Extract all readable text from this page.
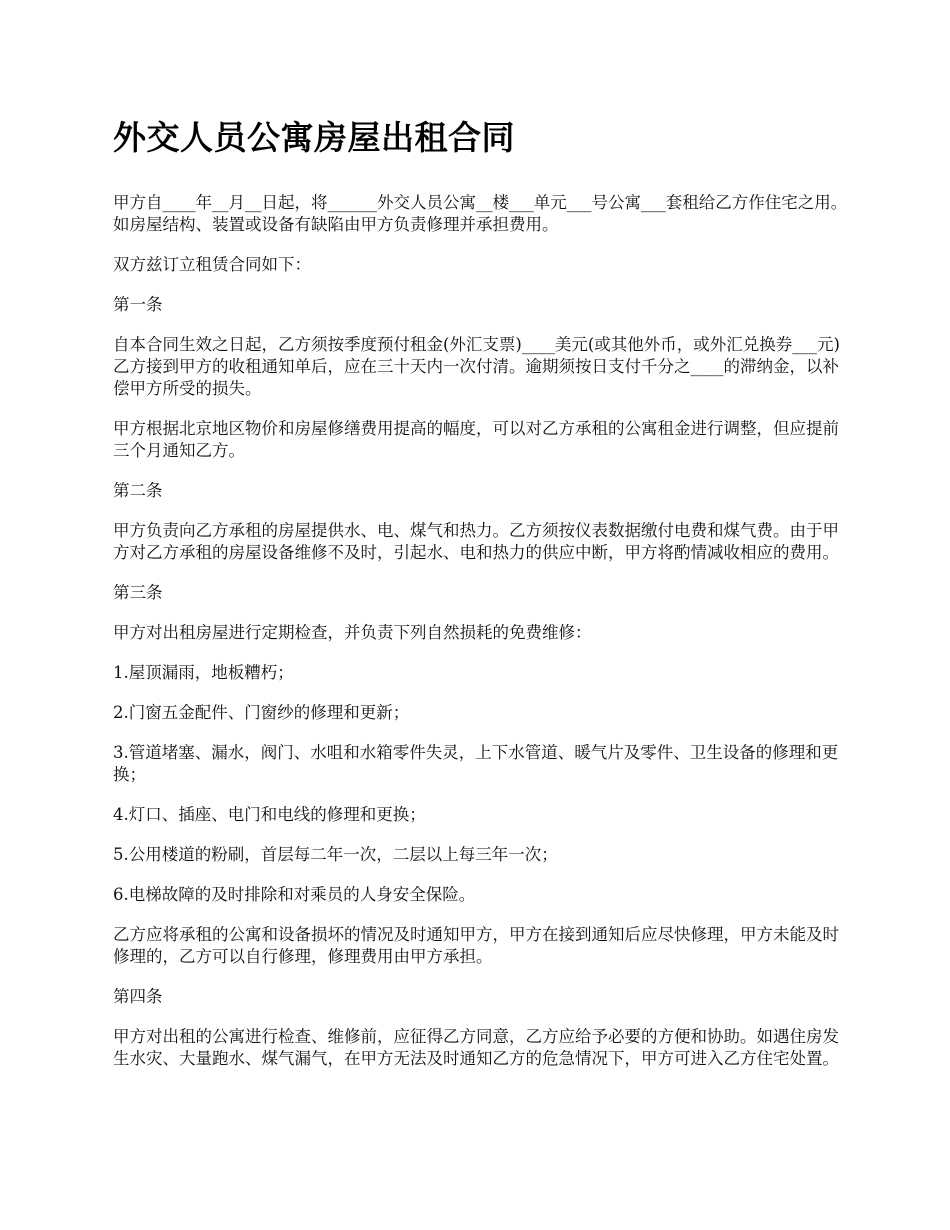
外交人员公寓房屋出租合同

甲方自____年__月__日起，将______外交人员公寓__楼___单元___号公寓___套租给乙方作住宅之用。如房屋结构、装置或设备有缺陷由甲方负责修理并承担费用。

双方兹订立租赁合同如下：

第一条

自本合同生效之日起，乙方须按季度预付租金(外汇支票)____美元(或其他外币，或外汇兑换券___元)乙方接到甲方的收租通知单后，应在三十天内一次付清。逾期须按日支付千分之____的滞纳金，以补偿甲方所受的损失。

甲方根据北京地区物价和房屋修缮费用提高的幅度，可以对乙方承租的公寓租金进行调整，但应提前三个月通知乙方。

第二条

甲方负责向乙方承租的房屋提供水、电、煤气和热力。乙方须按仪表数据缴付电费和煤气费。由于甲方对乙方承租的房屋设备维修不及时，引起水、电和热力的供应中断，甲方将酌情减收相应的费用。

第三条

甲方对出租房屋进行定期检查，并负责下列自然损耗的免费维修：

1.屋顶漏雨，地板糟朽；

2.门窗五金配件、门窗纱的修理和更新；

3.管道堵塞、漏水，阀门、水咀和水箱零件失灵，上下水管道、暖气片及零件、卫生设备的修理和更换；

4.灯口、插座、电门和电线的修理和更换；

5.公用楼道的粉刷，首层每二年一次，二层以上每三年一次；

6.电梯故障的及时排除和对乘员的人身安全保险。

乙方应将承租的公寓和设备损坏的情况及时通知甲方，甲方在接到通知后应尽快修理，甲方未能及时修理的，乙方可以自行修理，修理费用由甲方承担。

第四条

甲方对出租的公寓进行检查、维修前，应征得乙方同意，乙方应给予必要的方便和协助。如遇住房发生水灾、大量跑水、煤气漏气，在甲方无法及时通知乙方的危急情况下，甲方可进入乙方住宅处置。
